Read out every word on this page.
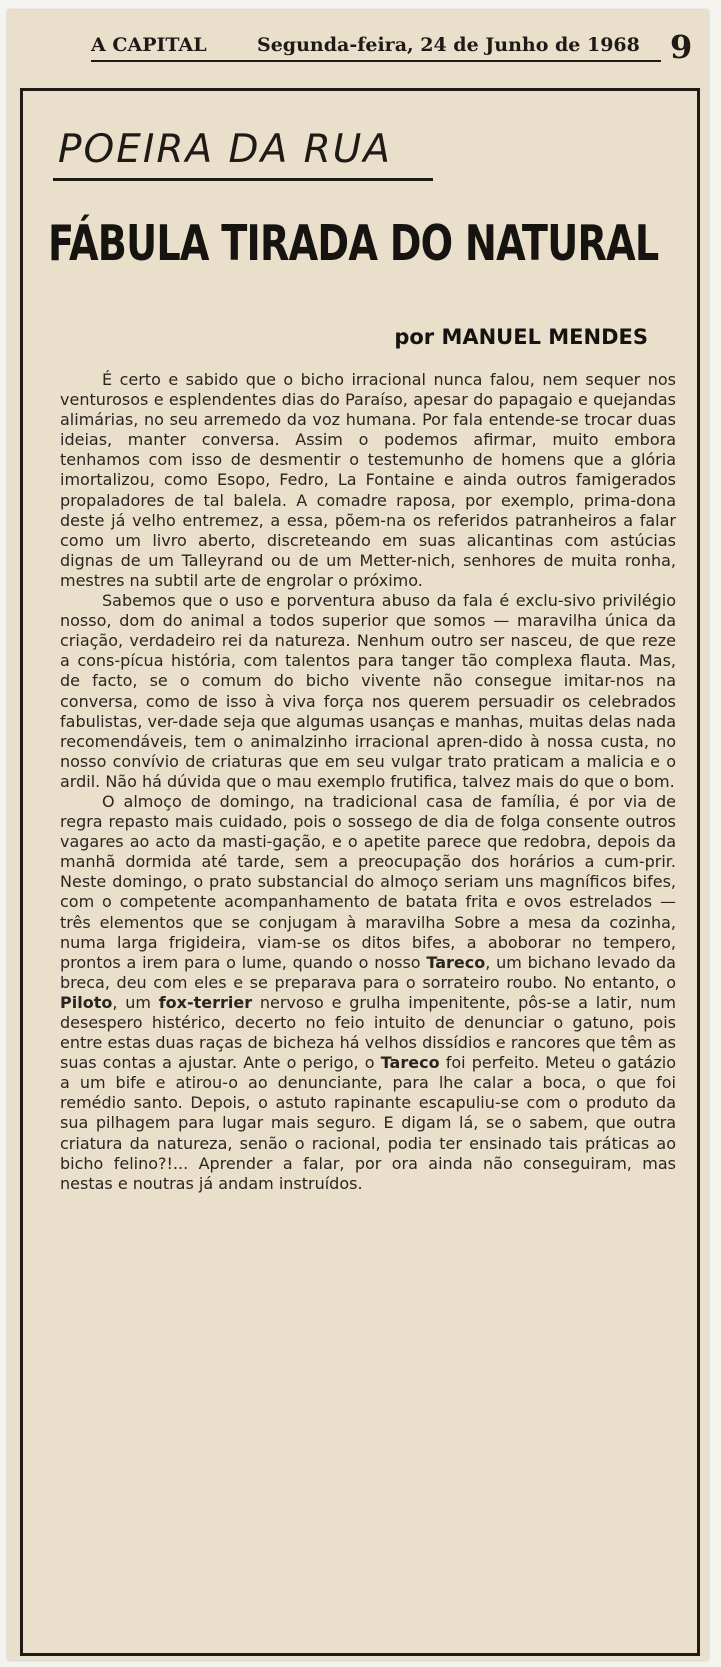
A CAPITAL	Segunda-feira, 24 de Junho de 1968 9
POEIRA DA RUA
FÁBULA TIRADA DO NATURAL
por MANUEL MENDES

É certo e sabido que o bicho irracional nunca falou, nem sequer nos venturosos e esplendentes dias do Paraíso, apesar do papagaio e quejandas alimárias, no seu arremedo da voz humana. Por fala entende-se trocar duas ideias, manter conversa. Assim o podemos afirmar, muito embora tenhamos com isso de desmentir o testemunho de homens que a glória imortalizou, como Esopo, Fedro, La Fontaine e ainda outros famigerados propaladores de tal balela. A comadre raposa, por exemplo, prima-dona deste já velho entremez, a essa, põem-na os referidos patranheiros a falar como um livro aberto, discreteando em suas alicantinas com astúcias dignas de um Talleyrand ou de um Metter-nich, senhores de muita ronha, mestres na subtil arte de engrolar o próximo.

Sabemos que o uso e porventura abuso da fala é exclu-sivo privilégio nosso, dom do animal a todos superior que somos — maravilha única da criação, verdadeiro rei da natureza. Nenhum outro ser nasceu, de que reze a cons-pícua história, com talentos para tanger tão complexa flauta. Mas, de facto, se o comum do bicho vivente não consegue imitar-nos na conversa, como de isso à viva força nos querem persuadir os celebrados fabulistas, ver-dade seja que algumas usanças e manhas, muitas delas nada recomendáveis, tem o animalzinho irracional apren-dido à nossa custa, no nosso convívio de criaturas que em seu vulgar trato praticam a malicia e o ardil. Não há dúvida que o mau exemplo frutifica, talvez mais do que o bom.

O almoço de domingo, na tradicional casa de família, é por via de regra repasto mais cuidado, pois o sossego de dia de folga consente outros vagares ao acto da masti-gação, e o apetite parece que redobra, depois da manhã dormida até tarde, sem a preocupação dos horários a cum-prir. Neste domingo, o prato substancial do almoço seriam uns magníficos bifes, com o competente acompanhamento de batata frita e ovos estrelados — três elementos que se conjugam à maravilha Sobre a mesa da cozinha, numa larga frigideira, viam-se os ditos bifes, a aboborar no tempero, prontos a irem para o lume, quando o nosso Tareco, um bichano levado da breca, deu com eles e se preparava para o sorrateiro roubo. No entanto, o Piloto, um fox-terrier nervoso e grulha impenitente, pôs-se a latir, num desespero histérico, decerto no feio intuito de denunciar o gatuno, pois entre estas duas raças de bicheza há velhos dissídios e rancores que têm as suas contas a ajustar. Ante o perigo, o Tareco foi perfeito. Meteu o gatázio a um bife e atirou-o ao denunciante, para lhe calar a boca, o que foi remédio santo. Depois, o astuto rapinante escapuliu-se com o produto da sua pilhagem para lugar mais seguro. E digam lá, se o sabem, que outra criatura da natureza, senão o racional, podia ter ensinado tais práticas ao bicho felino?!... Aprender a falar, por ora ainda não conseguiram, mas nestas e noutras já andam instruídos.
